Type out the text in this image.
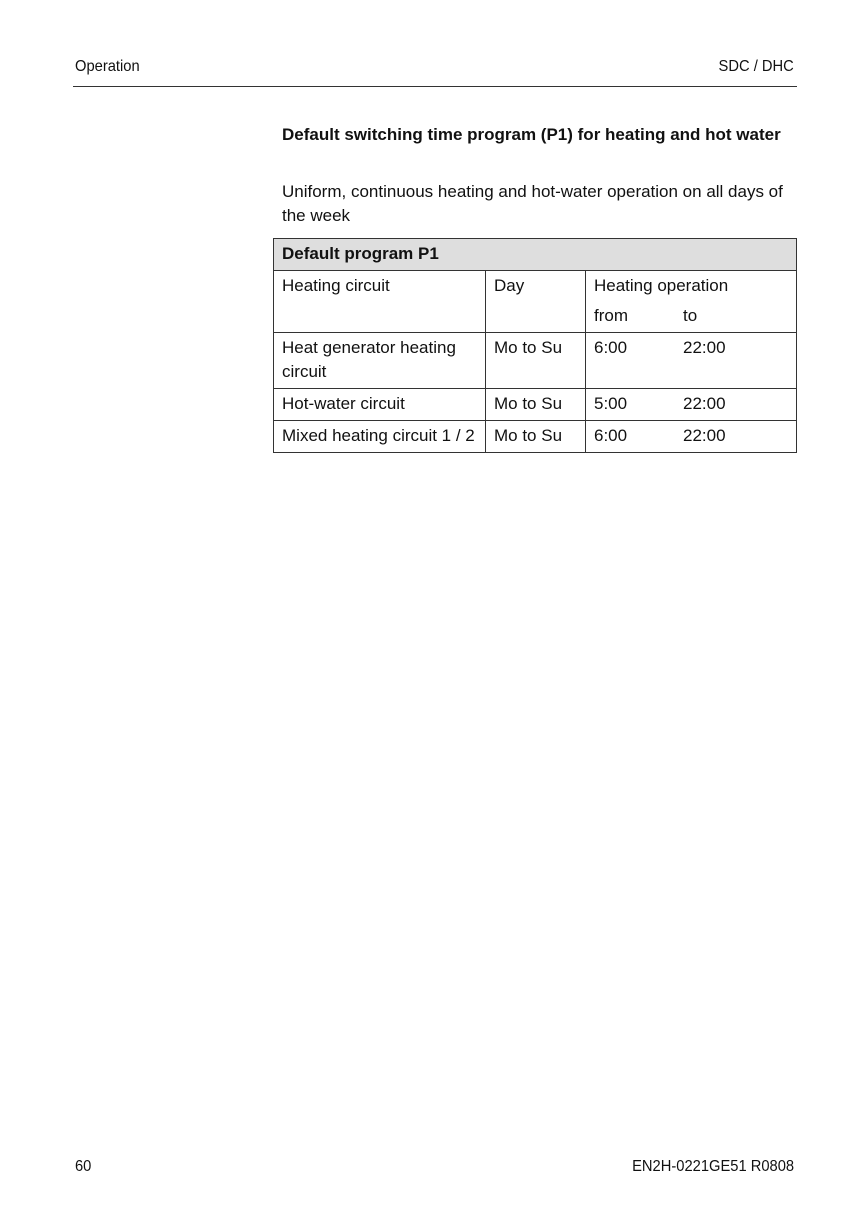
Operation	SDC / DHC
Default switching time program (P1) for heating and hot water
Uniform, continuous heating and hot-water operation on all days of the week
Default program P1		
Heating circuit	Day	Heating operation
from to

Heat generator heating circuit	Mo to Su	6:00 22:00
Hot-water circuit	Mo to Su	5:00 22:00
Mixed heating circuit 1 / 2	Mo to Su	6:00 22:00
60	EN2H-0221GE51 R0808
